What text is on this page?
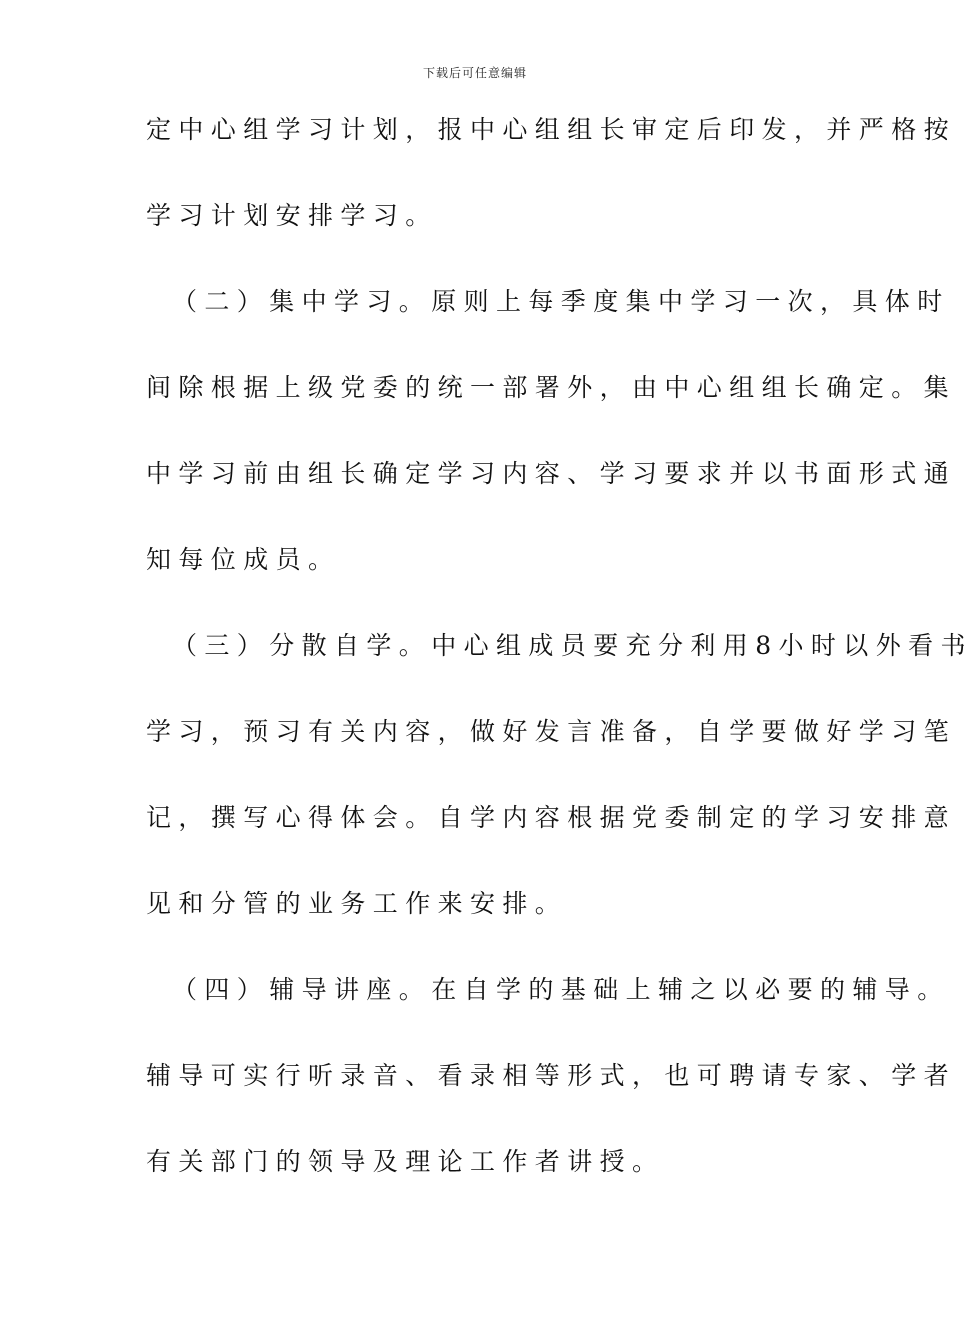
下载后可任意编辑
定中心组学习计划，报中心组组长审定后印发，并严格按
学习计划安排学习。
（二）集中学习。原则上每季度集中学习一次，具体时
间除根据上级党委的统一部署外，由中心组组长确定。集
中学习前由组长确定学习内容、学习要求并以书面形式通
知每位成员。
（三）分散自学。中心组成员要充分利用8小时以外看书
学习，预习有关内容，做好发言准备，自学要做好学习笔
记，撰写心得体会。自学内容根据党委制定的学习安排意
见和分管的业务工作来安排。
（四）辅导讲座。在自学的基础上辅之以必要的辅导。
辅导可实行听录音、看录相等形式，也可聘请专家、学者
有关部门的领导及理论工作者讲授。
